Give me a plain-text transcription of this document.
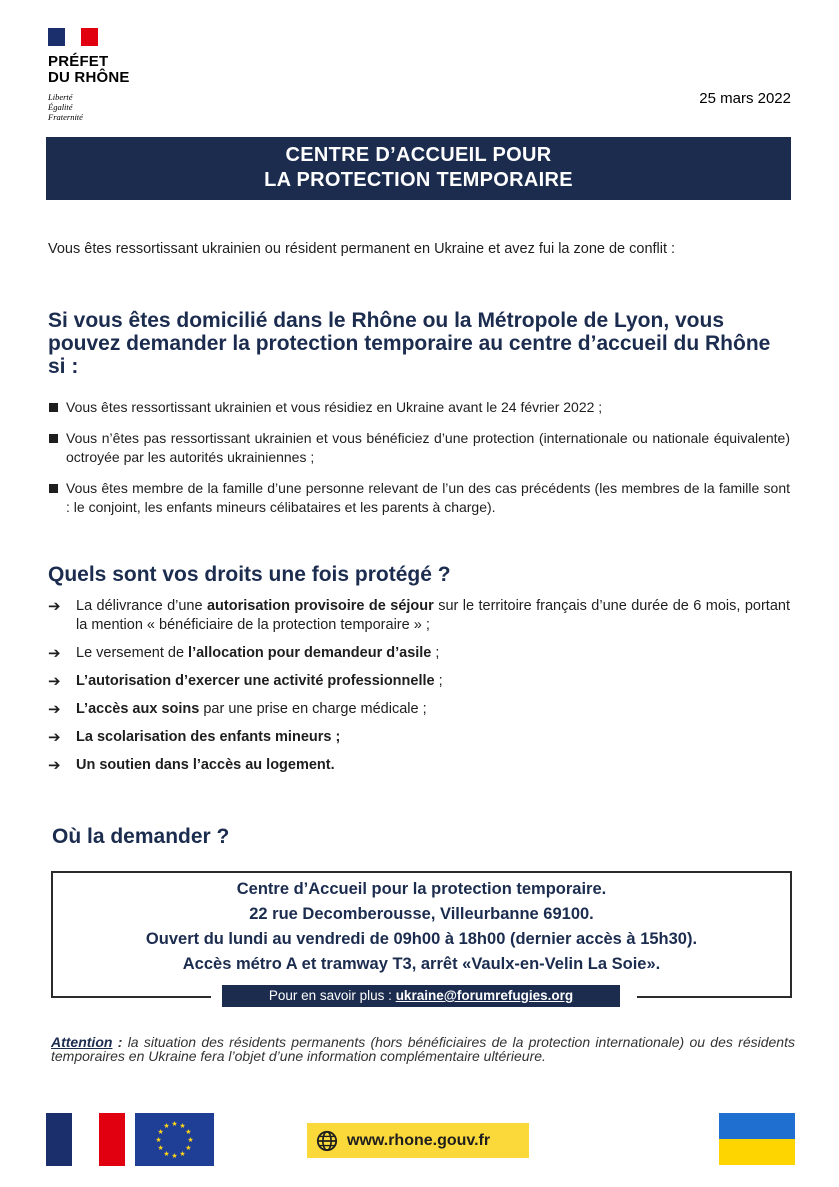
PRÉFET
DU RHÔNE
Liberté
Égalité
Fraternité
25 mars 2022
CENTRE D’ACCUEIL POUR
LA PROTECTION TEMPORAIRE

Vous êtes ressortissant ukrainien ou résident permanent en Ukraine et avez fui la zone de conflit :

Si vous êtes domicilié dans le Rhône ou la Métropole de Lyon, vous pouvez demander la protection temporaire au centre d’accueil du Rhône si :
Vous êtes ressortissant ukrainien et vous résidiez en Ukraine avant le 24 février 2022 ;
Vous n’êtes pas ressortissant ukrainien et vous bénéficiez d’une protection (internationale ou nationale équivalente) octroyée par les autorités ukrainiennes ;
Vous êtes membre de la famille d’une personne relevant de l’un des cas précédents (les membres de la famille sont : le conjoint, les enfants mineurs célibataires et les parents à charge).
Quels sont vos droits une fois protégé ?
➔ La délivrance d’une autorisation provisoire de séjour sur le territoire français d’une durée de 6 mois, portant la mention « bénéficiaire de la protection temporaire » ;
➔ Le versement de l’allocation pour demandeur d’asile ;
➔ L’autorisation d’exercer une activité professionnelle ;
➔ L’accès aux soins par une prise en charge médicale ;
➔ La scolarisation des enfants mineurs ;
➔ Un soutien dans l’accès au logement.
Où la demander ?
Centre d’Accueil pour la protection temporaire.
22 rue Decomberousse, Villeurbanne 69100.
Ouvert du lundi au vendredi de 09h00 à 18h00 (dernier accès à 15h30).
Accès métro A et tramway T3, arrêt «Vaulx-en-Velin La Soie».
Pour en savoir plus : ukraine@forumrefugies.org

Attention : la situation des résidents permanents (hors bénéficiaires de la protection internationale) ou des résidents temporaires en Ukraine fera l’objet d’une information complémentaire ultérieure.

★ ★
★
★
★
★
★
★
★
★
★
★
www.rhone.gouv.fr
